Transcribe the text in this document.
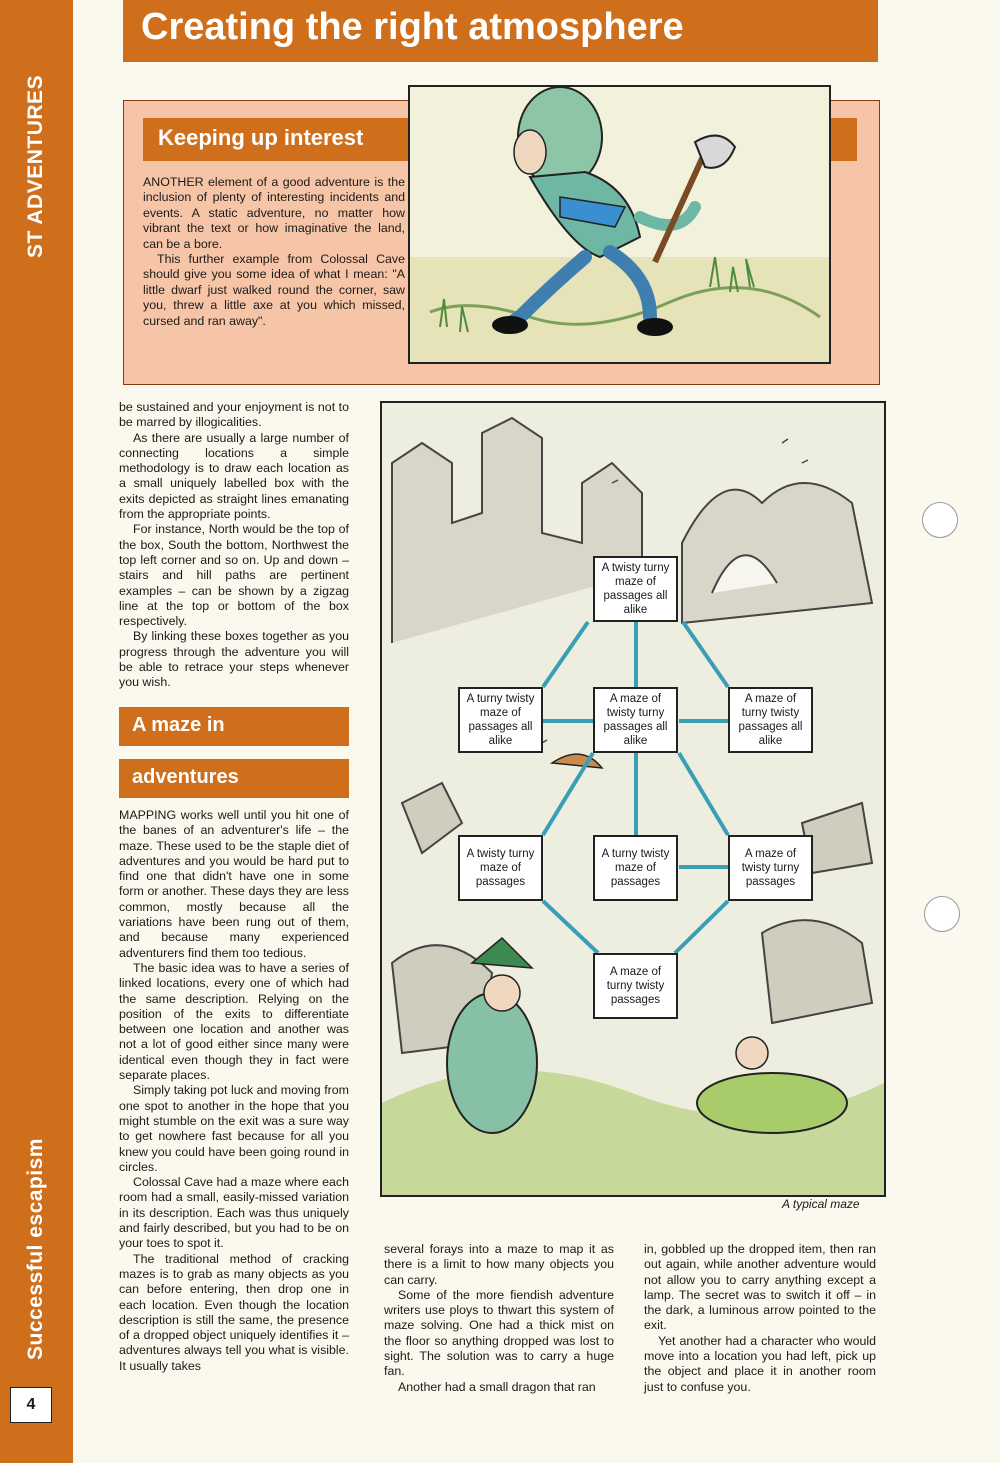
ST ADVENTURES
Successful escapism
4
Creating the right atmosphere
Keeping up interest

ANOTHER element of a good adventure is the inclusion of plenty of interesting incidents and events. A static adventure, no matter how vibrant the text or how imaginative the land, can be a bore.

This further example from Colossal Cave should give you some idea of what I mean: "A little dwarf just walked round the corner, saw you, threw a little axe at you which missed, cursed and ran away".

be sustained and your enjoyment is not to be marred by illogicalities.

As there are usually a large number of connecting locations a simple methodology is to draw each location as a small uniquely labelled box with the exits depicted as straight lines emanating from the appropriate points.

For instance, North would be the top of the box, South the bottom, Northwest the top left corner and so on. Up and down – stairs and hill paths are pertinent examples – can be shown by a zigzag line at the top or bottom of the box respectively.

By linking these boxes together as you progress through the adventure you will be able to retrace your steps whenever you wish.

A maze in
adventures

MAPPING works well until you hit one of the banes of an adventurer's life – the maze. These used to be the staple diet of adventures and you would be hard put to find one that didn't have one in some form or another. These days they are less common, mostly because all the variations have been rung out of them, and because many experienced adventurers find them too tedious.

The basic idea was to have a series of linked locations, every one of which had the same description. Relying on the position of the exits to differentiate between one location and another was not a lot of good either since many were identical even though they in fact were separate places.

Simply taking pot luck and moving from one spot to another in the hope that you might stumble on the exit was a sure way to get nowhere fast because for all you knew you could have been going round in circles.

Colossal Cave had a maze where each room had a small, easily-missed variation in its description. Each was thus uniquely and fairly described, but you had to be on your toes to spot it.

The traditional method of cracking mazes is to grab as many objects as you can before entering, then drop one in each location. Even though the location description is still the same, the presence of a dropped object uniquely identifies it – adventures always tell you what is visible. It usually takes

A twisty turny maze of passages all alike
A turny twisty maze of passages all alike
A maze of twisty turny passages all alike
A maze of turny twisty passages all alike
A twisty turny maze of passages
A turny twisty maze of passages
A maze of twisty turny passages
A maze of turny twisty passages
A typical maze

several forays into a maze to map it as there is a limit to how many objects you can carry.

Some of the more fiendish adventure writers use ploys to thwart this system of maze solving. One had a thick mist on the floor so anything dropped was lost to sight. The solution was to carry a huge fan.

Another had a small dragon that ran

in, gobbled up the dropped item, then ran out again, while another adventure would not allow you to carry anything except a lamp. The secret was to switch it off – in the dark, a luminous arrow pointed to the exit.

Yet another had a character who would move into a location you had left, pick up the object and place it in another room just to confuse you.
